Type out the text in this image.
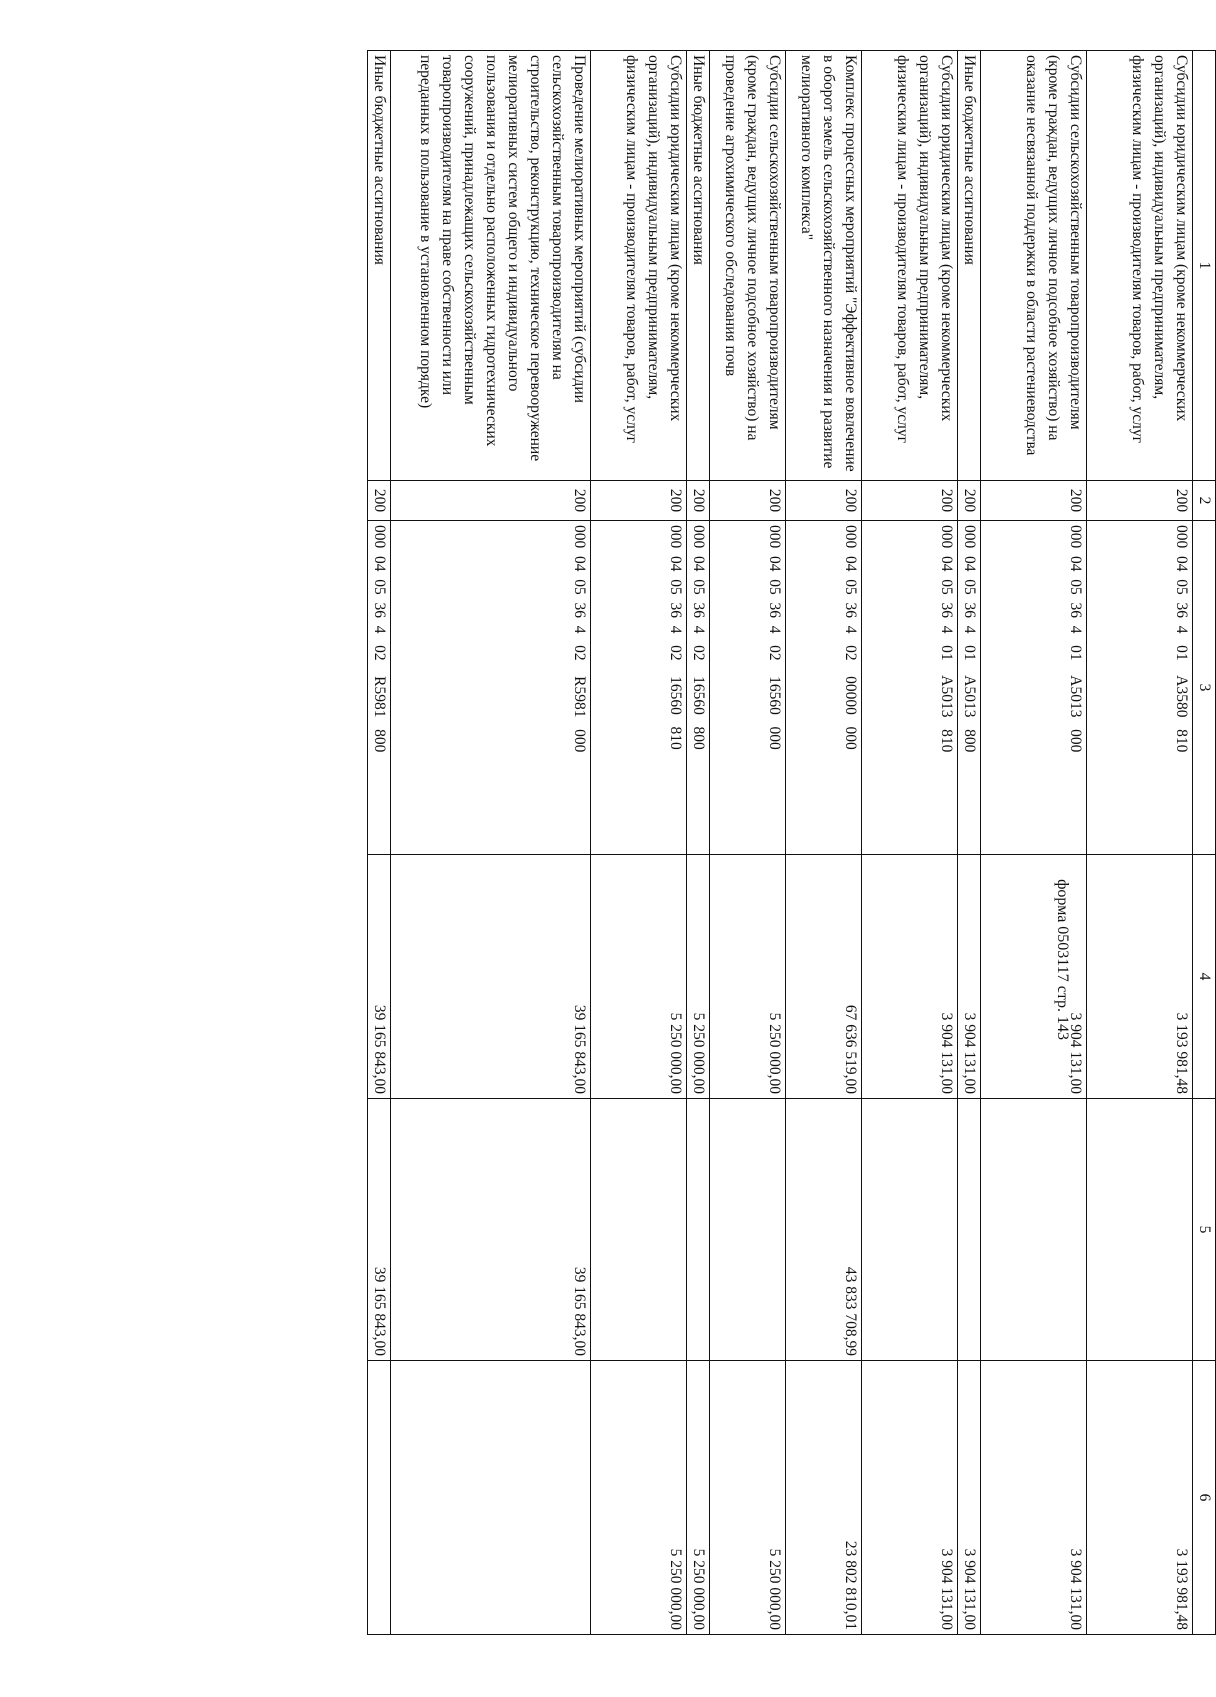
форма 0503117 стр. 143
1	2	3	4	5	6
Субсидии юридическим лицам (кроме некоммерческих организаций), индивидуальным предпринимателям, физическим лицам - производителям товаров, работ, услуг	200	000  04  05  36  4   01    A3580   810	3 193 981,48		3 193 981,48
Субсидии сельскохозяйственным товаропроизводителям (кроме граждан, ведущих личное подсобное хозяйство) на оказание несвязанной поддержки в области растениеводства	200	000  04  05  36  4   01    A5013   000	3 904 131,00		3 904 131,00
Иные бюджетные ассигнования	200	000  04  05  36  4   01    A5013   800	3 904 131,00		3 904 131,00
Субсидии юридическим лицам (кроме некоммерческих организаций), индивидуальным предпринимателям, физическим лицам - производителям товаров, работ, услуг	200	000  04  05  36  4   01    A5013   810	3 904 131,00		3 904 131,00
Комплекс процессных мероприятий "Эффективное вовлечение в оборот земель сельскохозяйственного назначения и развитие мелиоративного комплекса"	200	000  04  05  36  4   02    00000   000	67 636 519,00	43 833 708,99	23 802 810,01
Субсидии сельскохозяйственным товаропроизводителям (кроме граждан, ведущих личное подсобное хозяйство) на проведение агрохимического обследования почв	200	000  04  05  36  4   02    16560   000	5 250 000,00		5 250 000,00
Иные бюджетные ассигнования	200	000  04  05  36  4   02    16560   800	5 250 000,00		5 250 000,00
Субсидии юридическим лицам (кроме некоммерческих организаций), индивидуальным предпринимателям, физическим лицам - производителям товаров, работ, услуг	200	000  04  05  36  4   02    16560   810	5 250 000,00		5 250 000,00
Проведение мелиоративных мероприятий (субсидии сельскохозяйственным товаропроизводителям на строительство, реконструкцию, техническое перевооружение мелиоративных систем общего и индивидуального пользования и отдельно расположенных гидротехнических сооружений, принадлежащих сельскохозяйственным товаропроизводителям на праве собственности или переданных в пользование в установленном порядке)	200	000  04  05  36  4   02    R5981   000	39 165 843,00	39 165 843,00	
Иные бюджетные ассигнования	200	000  04  05  36  4   02    R5981   800	39 165 843,00	39 165 843,00	
